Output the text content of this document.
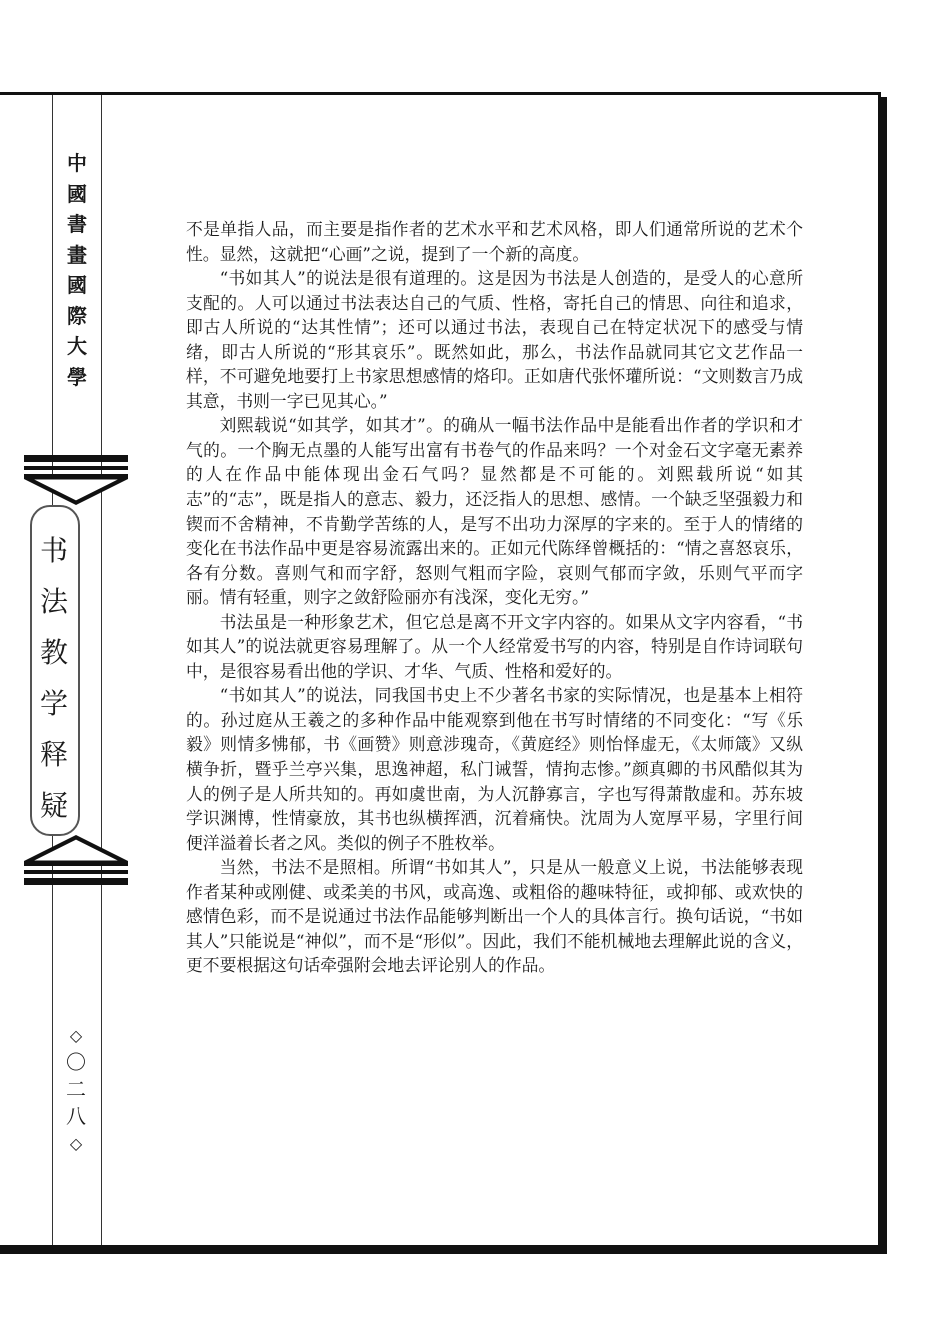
中
國
書
畫
國
際
大
學
书
法
教
学
释
疑
◇
〇
二
八
◇

不是单指人品，而主要是指作者的艺术水平和艺术风格，即人们通常所说的艺术个性。显然，这就把“心画”之说，提到了一个新的高度。

“书如其人”的说法是很有道理的。这是因为书法是人创造的，是受人的心意所支配的。人可以通过书法表达自己的气质、性格，寄托自己的情思、向往和追求，即古人所说的“达其性情”；还可以通过书法，表现自己在特定状况下的感受与情绪，即古人所说的“形其哀乐”。既然如此，那么，书法作品就同其它文艺作品一样，不可避免地要打上书家思想感情的烙印。正如唐代张怀瓘所说：“文则数言乃成其意，书则一字已见其心。”

刘熙载说“如其学，如其才”。的确从一幅书法作品中是能看出作者的学识和才气的。一个胸无点墨的人能写出富有书卷气的作品来吗？一个对金石文字毫无素养的人在作品中能体现出金石气吗？显然都是不可能的。刘熙载所说“如其志”的“志”，既是指人的意志、毅力，还泛指人的思想、感情。一个缺乏坚强毅力和锲而不舍精神，不肯勤学苦练的人，是写不出功力深厚的字来的。至于人的情绪的变化在书法作品中更是容易流露出来的。正如元代陈绎曾概括的：“情之喜怒哀乐，各有分数。喜则气和而字舒，怒则气粗而字险，哀则气郁而字敛，乐则气平而字丽。情有轻重，则字之敛舒险丽亦有浅深，变化无穷。”

书法虽是一种形象艺术，但它总是离不开文字内容的。如果从文字内容看，“书如其人”的说法就更容易理解了。从一个人经常爱书写的内容，特别是自作诗词联句中，是很容易看出他的学识、才华、气质、性格和爱好的。

“书如其人”的说法，同我国书史上不少著名书家的实际情况，也是基本上相符的。孙过庭从王羲之的多种作品中能观察到他在书写时情绪的不同变化：“写《乐毅》则情多怫郁，书《画赞》则意涉瑰奇，《黄庭经》则怡怿虚无，《太师箴》又纵横争折，暨乎兰亭兴集，思逸神超，私门诫誓，情拘志惨。”颜真卿的书风酷似其为人的例子是人所共知的。再如虞世南，为人沉静寡言，字也写得萧散虚和。苏东坡学识渊博，性情豪放，其书也纵横挥洒，沉着痛快。沈周为人宽厚平易，字里行间便洋溢着长者之风。类似的例子不胜枚举。

当然，书法不是照相。所谓“书如其人”，只是从一般意义上说，书法能够表现作者某种或刚健、或柔美的书风，或高逸、或粗俗的趣味特征，或抑郁、或欢快的感情色彩，而不是说通过书法作品能够判断出一个人的具体言行。换句话说，“书如其人”只能说是“神似”，而不是“形似”。因此，我们不能机械地去理解此说的含义，更不要根据这句话牵强附会地去评论别人的作品。
